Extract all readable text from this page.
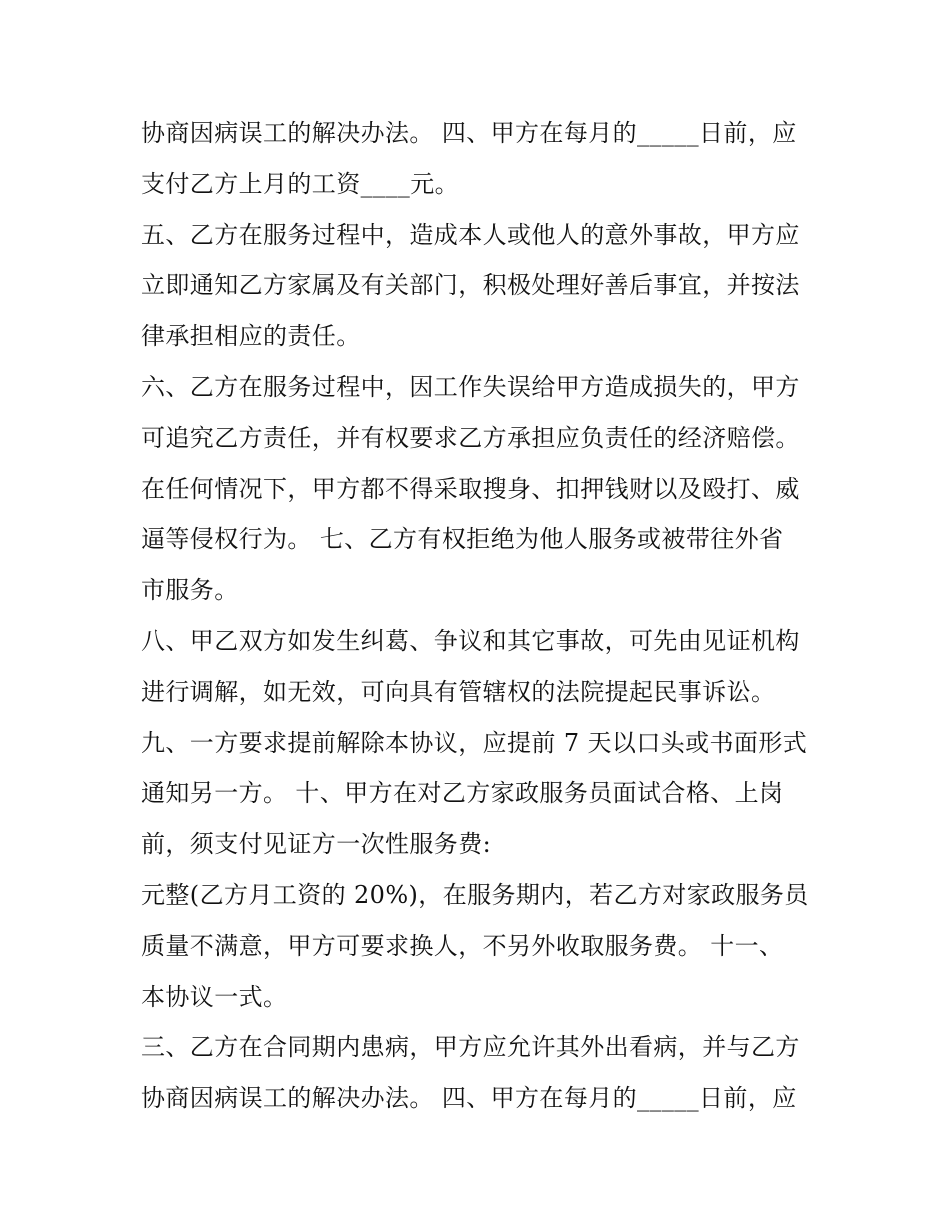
协商因病误工的解决办法。 四、甲方在每月的_____日前，应
支付乙方上月的工资____元。
五、乙方在服务过程中，造成本人或他人的意外事故，甲方应
立即通知乙方家属及有关部门，积极处理好善后事宜，并按法
律承担相应的责任。
六、乙方在服务过程中，因工作失误给甲方造成损失的，甲方
可追究乙方责任，并有权要求乙方承担应负责任的经济赔偿。
在任何情况下，甲方都不得采取搜身、扣押钱财以及殴打、威
逼等侵权行为。 七、乙方有权拒绝为他人服务或被带往外省
市服务。
八、甲乙双方如发生纠葛、争议和其它事故，可先由见证机构
进行调解，如无效，可向具有管辖权的法院提起民事诉讼。
九、一方要求提前解除本协议，应提前 7 天以口头或书面形式
通知另一方。 十、甲方在对乙方家政服务员面试合格、上岗
前，须支付见证方一次性服务费:
元整(乙方月工资的 20%)，在服务期内，若乙方对家政服务员
质量不满意，甲方可要求换人，不另外收取服务费。 十一、
本协议一式。
三、乙方在合同期内患病，甲方应允许其外出看病，并与乙方
协商因病误工的解决办法。 四、甲方在每月的_____日前，应
